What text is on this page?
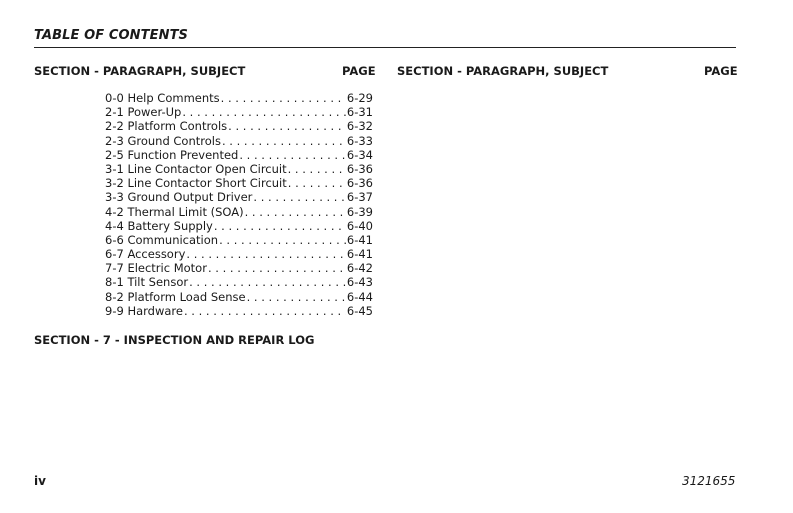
TABLE OF CONTENTS
SECTION - PARAGRAPH, SUBJECT	PAGE SECTION - PARAGRAPH, SUBJECT	PAGE
0-0 Help Comments . . .	6-29
2-1 Power-Up . . .	6-31
2-2 Platform Controls . . .	6-32
2-3 Ground Controls . . .	6-33
2-5 Function Prevented . . .	6-34
3-1 Line Contactor Open Circuit . . .	6-36
3-2 Line Contactor Short Circuit . . .	6-36
3-3 Ground Output Driver . . .	6-37
4-2 Thermal Limit (SOA) . . .	6-39
4-4 Battery Supply . . .	6-40
6-6 Communication . . .	6-41
6-7 Accessory . . .	6-41
7-7 Electric Motor . . .	6-42
8-1 Tilt Sensor . . .	6-43
8-2 Platform Load Sense . . .	6-44
9-9 Hardware . . .	6-45
SECTION - 7 - INSPECTION AND REPAIR LOG
iv	3121655
